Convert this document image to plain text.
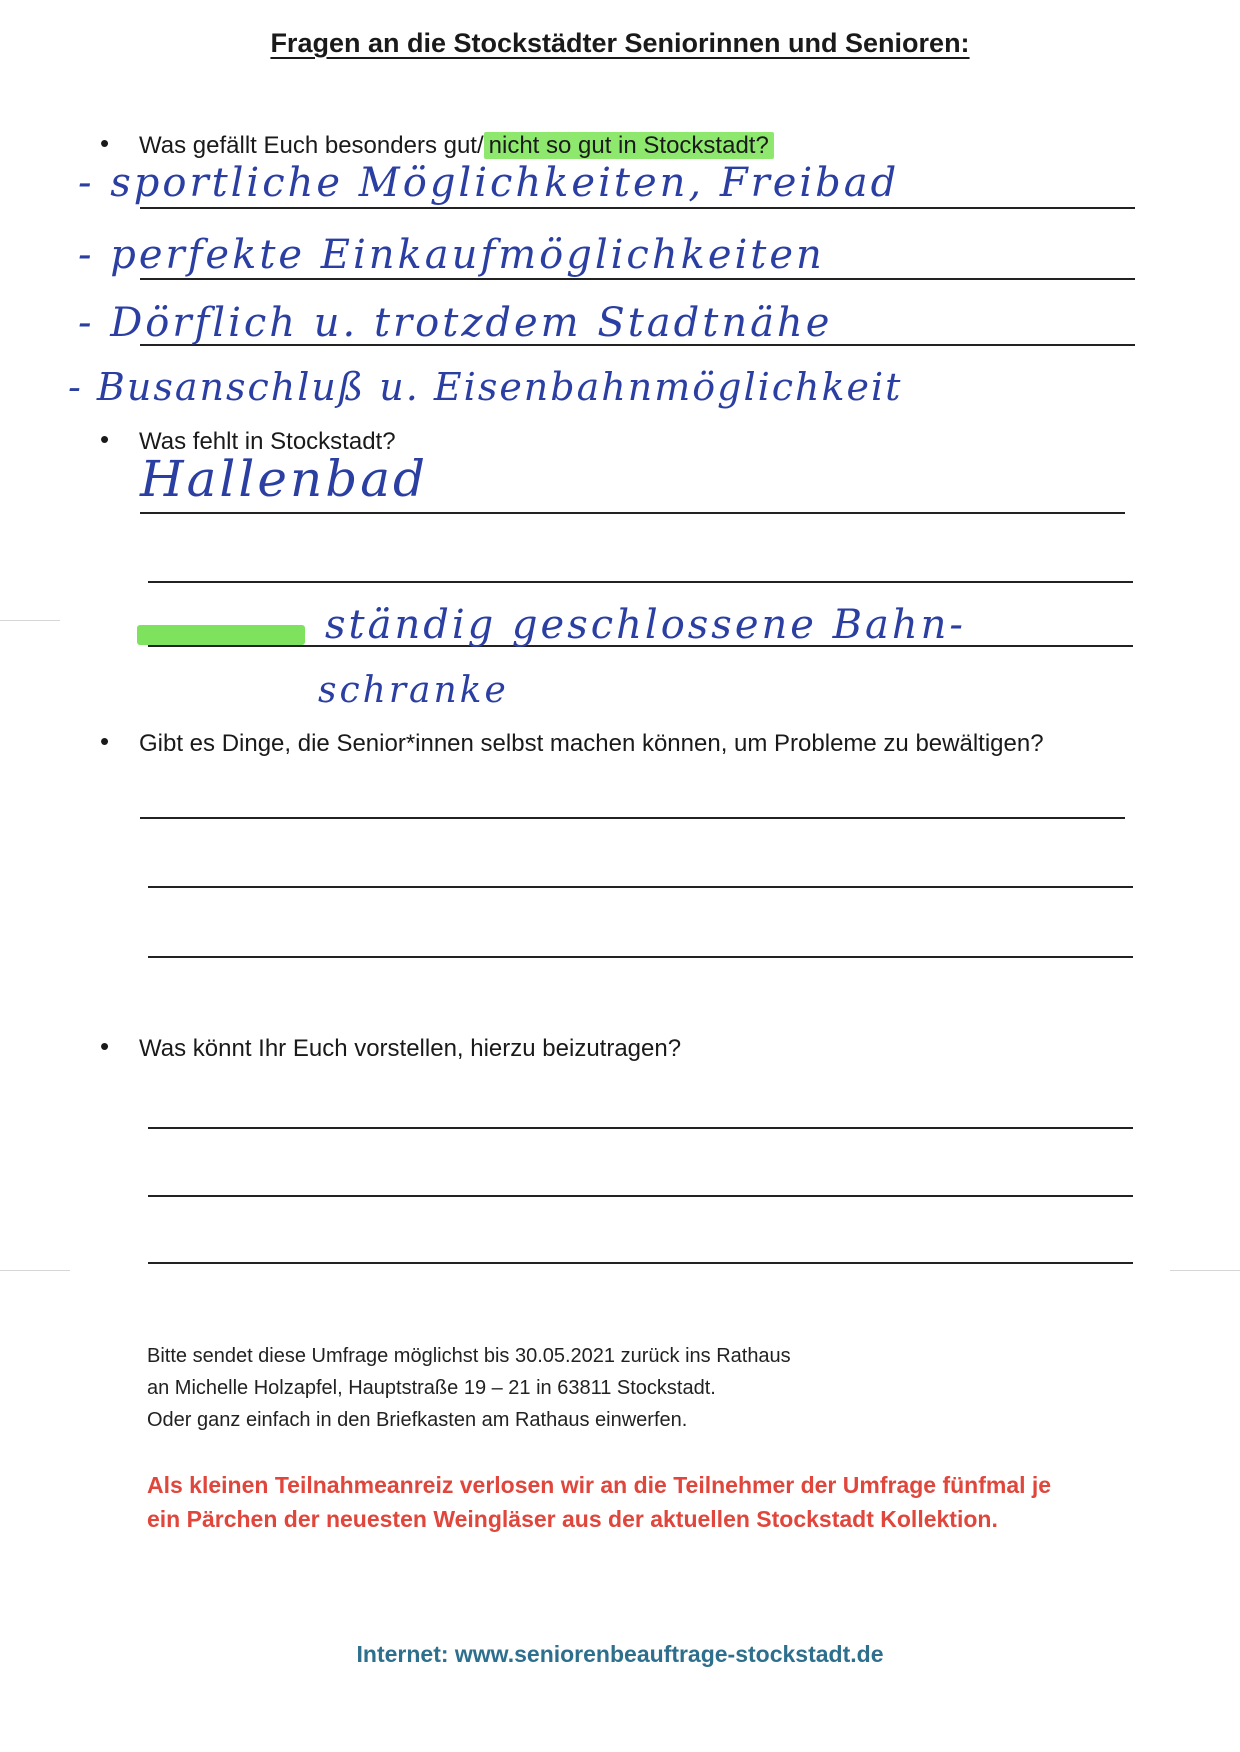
Fragen an die Stockstädter Seniorinnen und Senioren:
• Was gefällt Euch besonders gut/ nicht so gut in Stockstadt?
- sportliche Möglichkeiten, Freibad
- perfekte Einkaufmöglichkeiten
- Dörflich u. trotzdem Stadtnähe
- Busanschluß u. Eisenbahnmöglichkeit
• Was fehlt in Stockstadt?
Hallenbad
ständig geschlossene Bahn-
schranke
• Gibt es Dinge, die Senior*innen selbst machen können, um Probleme zu bewältigen?
• Was könnt Ihr Euch vorstellen, hierzu beizutragen?
Bitte sendet diese Umfrage möglichst bis 30.05.2021 zurück ins Rathaus
an Michelle Holzapfel, Hauptstraße 19 – 21 in 63811 Stockstadt.
Oder ganz einfach in den Briefkasten am Rathaus einwerfen.
Als kleinen Teilnahmeanreiz verlosen wir an die Teilnehmer der Umfrage fünfmal je
ein Pärchen der neuesten Weingläser aus der aktuellen Stockstadt Kollektion.
Internet: www.seniorenbeauftrage-stockstadt.de
